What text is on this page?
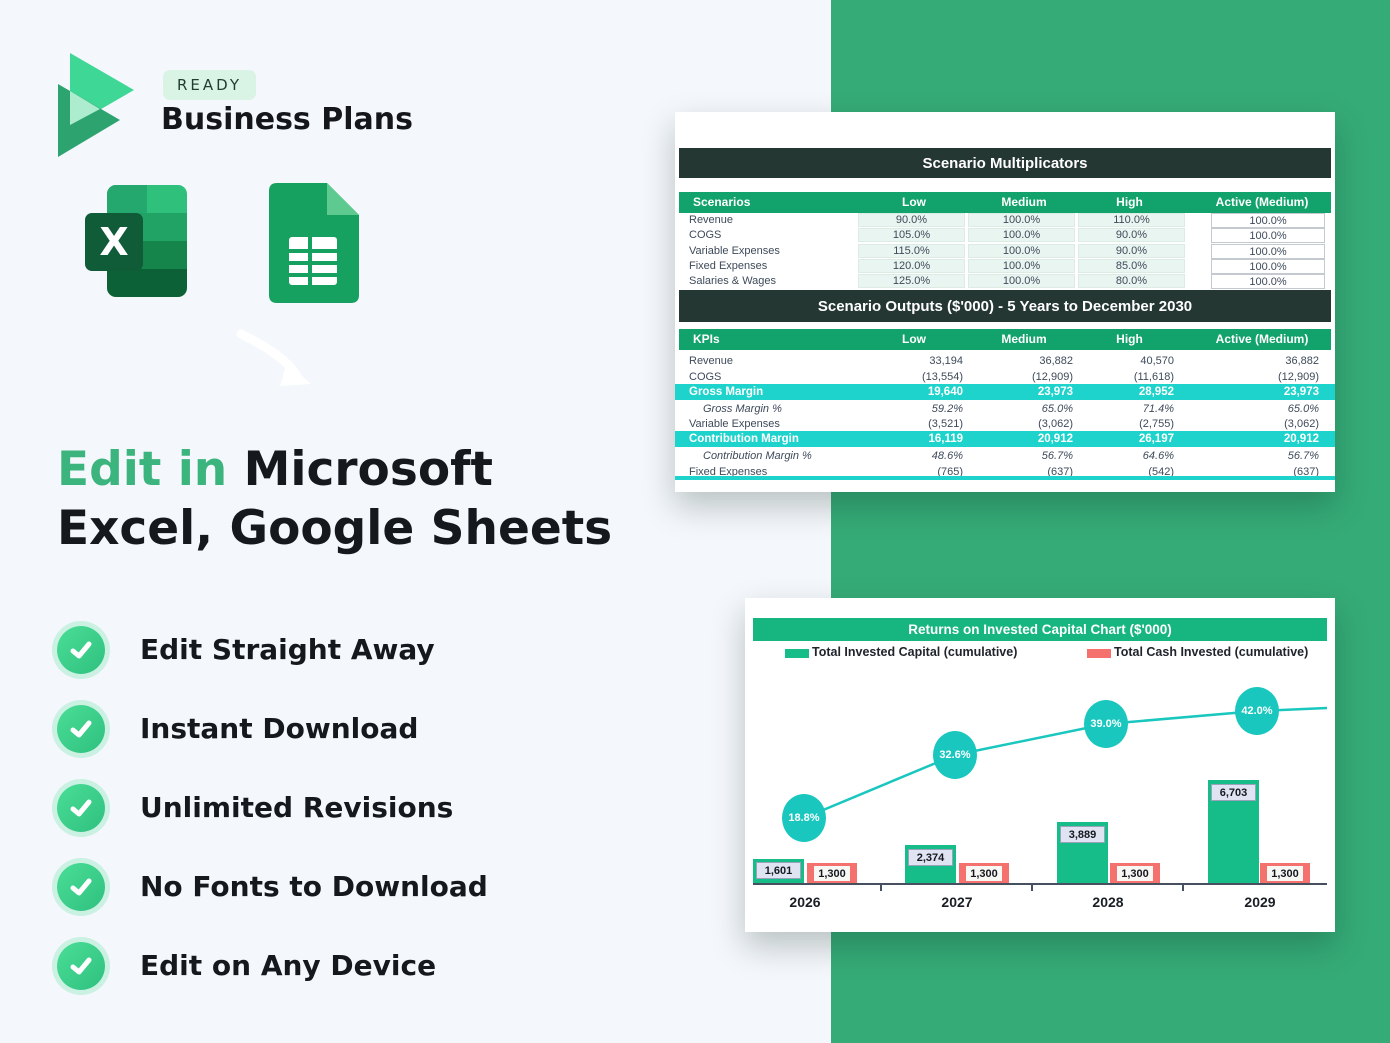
READY
Business Plans
X
Edit in Microsoft
Excel, Google Sheets
Edit Straight Away
Instant Download
Unlimited Revisions
No Fonts to Download
Edit on Any Device
Scenario Multiplicators
Scenarios	Low	Medium	High	Active (Medium)
Revenue	90.0%	100.0%	110.0%	100.0%
COGS	105.0%	100.0%	90.0%	100.0%
Variable Expenses	115.0%	100.0%	90.0%	100.0%
Fixed Expenses	120.0%	100.0%	85.0%	100.0%
Salaries & Wages	125.0%	100.0%	80.0%	100.0%
Scenario Outputs ($'000) - 5 Years to December 2030
KPIs	Low	Medium	High	Active (Medium)
Revenue	33,194	36,882	40,570	36,882
COGS	(13,554)	(12,909)	(11,618)	(12,909)
Gross Margin	19,640	23,973	28,952	23,973
Gross Margin %	59.2%	65.0%	71.4%	65.0%
Variable Expenses	(3,521)	(3,062)	(2,755)	(3,062)
Contribution Margin	16,119	20,912	26,197	20,912
Contribution Margin %	48.6%	56.7%	64.6%	56.7%
Fixed Expenses	(765)	(637)	(542)	(637)
Returns on Invested Capital Chart ($'000)
Total Invested Capital (cumulative)	Total Cash Invested (cumulative)
1,601
2,374
3,889
6,703
1,300	1,300	1,300	1,300
18.8%
32.6%
39.0%
42.0%
2026	2027	2028	2029
